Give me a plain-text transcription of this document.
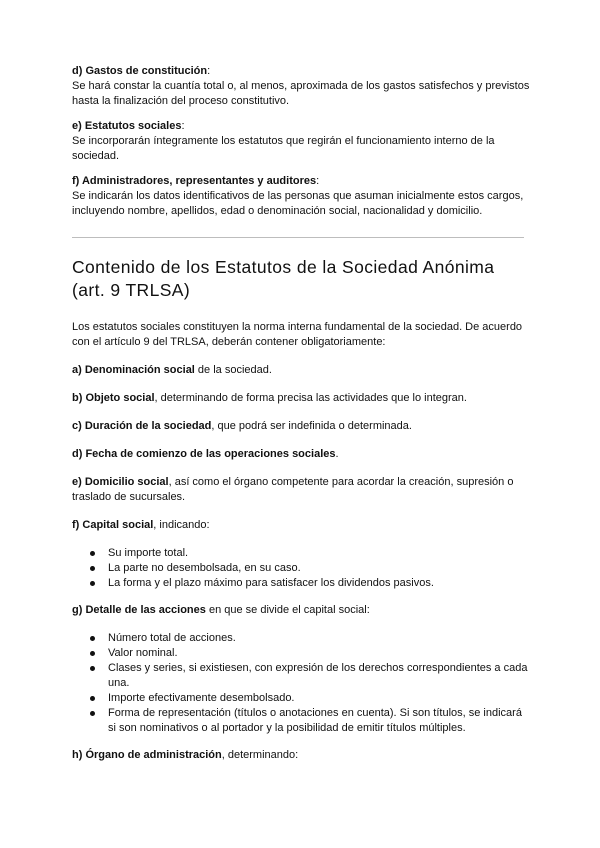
d) Gastos de constitución:

Se hará constar la cuantía total o, al menos, aproximada de los gastos satisfechos y previstos hasta la finalización del proceso constitutivo.

e) Estatutos sociales:

Se incorporarán íntegramente los estatutos que regirán el funcionamiento interno de la sociedad.

f) Administradores, representantes y auditores:

Se indicarán los datos identificativos de las personas que asuman inicialmente estos cargos, incluyendo nombre, apellidos, edad o denominación social, nacionalidad y domicilio.

Contenido de los Estatutos de la Sociedad Anónima (art. 9 TRLSA)

Los estatutos sociales constituyen la norma interna fundamental de la sociedad. De acuerdo con el artículo 9 del TRLSA, deberán contener obligatoriamente:

a) Denominación social de la sociedad.

b) Objeto social, determinando de forma precisa las actividades que lo integran.

c) Duración de la sociedad, que podrá ser indefinida o determinada.

d) Fecha de comienzo de las operaciones sociales.

e) Domicilio social, así como el órgano competente para acordar la creación, supresión o traslado de sucursales.

f) Capital social, indicando:

Su importe total.
La parte no desembolsada, en su caso.
La forma y el plazo máximo para satisfacer los dividendos pasivos.

g) Detalle de las acciones en que se divide el capital social:

Número total de acciones.
Valor nominal.
Clases y series, si existiesen, con expresión de los derechos correspondientes a cada una.
Importe efectivamente desembolsado.
Forma de representación (títulos o anotaciones en cuenta). Si son títulos, se indicará si son nominativos o al portador y la posibilidad de emitir títulos múltiples.

h) Órgano de administración, determinando:
